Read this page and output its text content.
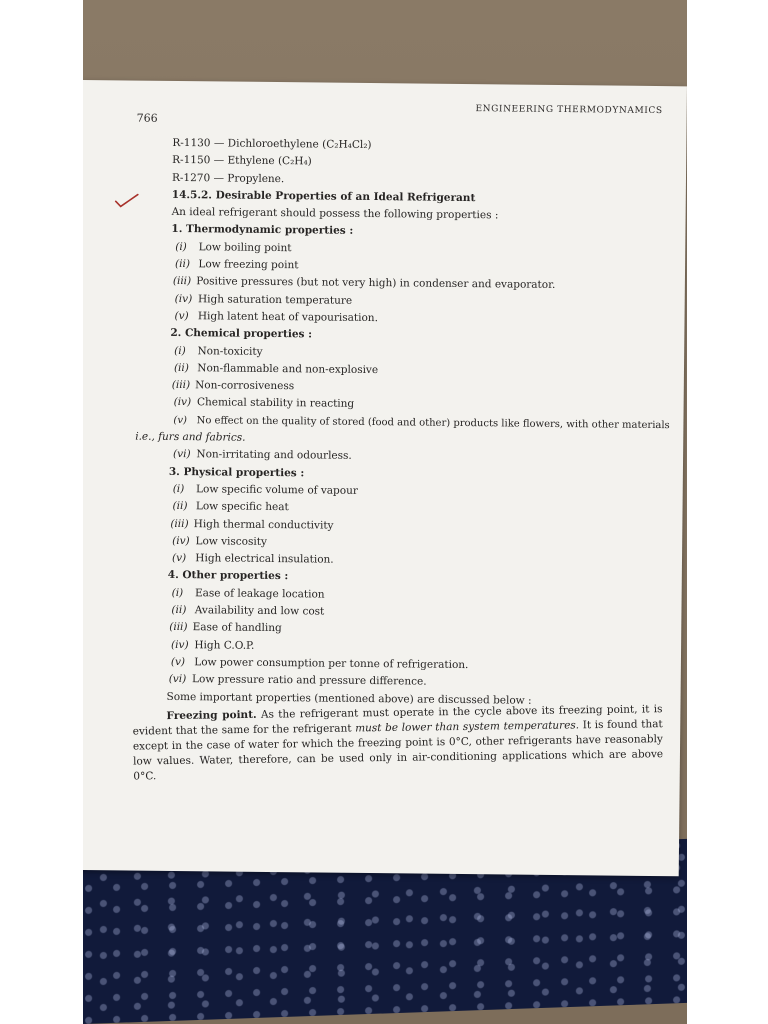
766
ENGINEERING THERMODYNAMICS
R-1130 — Dichloroethylene (C₂H₄Cl₂)
R-1150 — Ethylene (C₂H₄)
R-1270 — Propylene.
14.5.2. Desirable Properties of an Ideal Refrigerant
An ideal refrigerant should possess the following properties :
1. Thermodynamic properties :
(i) Low boiling point
(ii) Low freezing point
(iii) Positive pressures (but not very high) in condenser and evaporator.
(iv) High saturation temperature
(v) High latent heat of vapourisation.
2. Chemical properties :
(i) Non-toxicity
(ii) Non-flammable and non-explosive
(iii) Non-corrosiveness
(iv) Chemical stability in reacting
(v) No effect on the quality of stored (food and other) products like flowers, with other materials
i.e., furs and fabrics.
(vi) Non-irritating and odourless.
3. Physical properties :
(i) Low specific volume of vapour
(ii) Low specific heat
(iii) High thermal conductivity
(iv) Low viscosity
(v) High electrical insulation.
4. Other properties :
(i) Ease of leakage location
(ii) Availability and low cost
(iii) Ease of handling
(iv) High C.O.P.
(v) Low power consumption per tonne of refrigeration.
(vi) Low pressure ratio and pressure difference.
Some important properties (mentioned above) are discussed below :
Freezing point. As the refrigerant must operate in the cycle above its freezing point, it is evident that the same for the refrigerant must be lower than system temperatures. It is found that except in the case of water for which the freezing point is 0°C, other refrigerants have reasonably low values. Water, therefore, can be used only in air-conditioning applications which are above 0°C.
